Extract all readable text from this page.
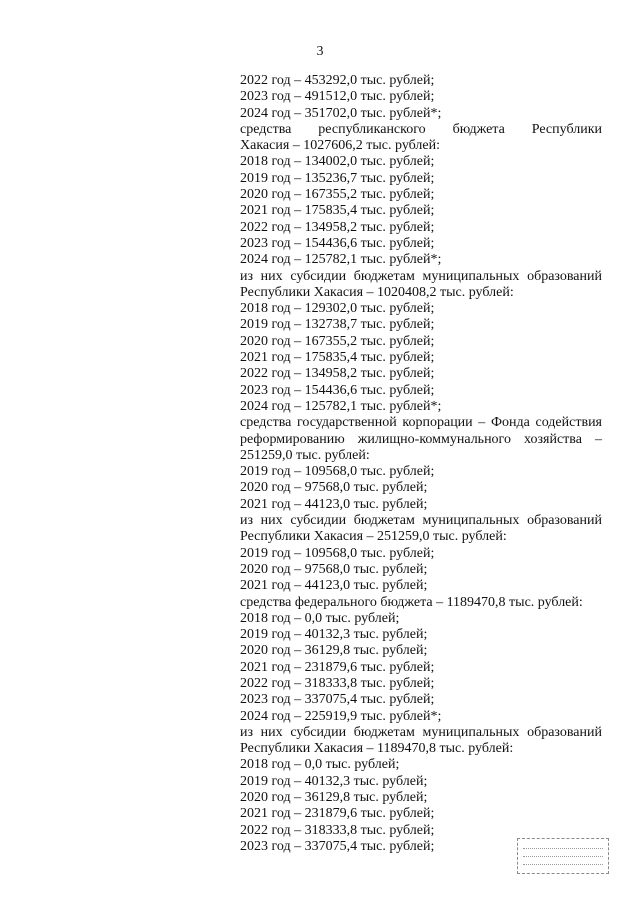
3
2022 год – 453292,0 тыс. рублей;
2023 год – 491512,0 тыс. рублей;
2024 год – 351702,0 тыс. рублей*;
средства республиканского бюджета Республики
Хакасия – 1027606,2 тыс. рублей:
2018 год – 134002,0 тыс. рублей;
2019 год – 135236,7 тыс. рублей;
2020 год – 167355,2 тыс. рублей;
2021 год – 175835,4 тыс. рублей;
2022 год – 134958,2 тыс. рублей;
2023 год – 154436,6 тыс. рублей;
2024 год – 125782,1 тыс. рублей*;
из них субсидии бюджетам муниципальных образований
Республики Хакасия – 1020408,2 тыс. рублей:
2018 год – 129302,0 тыс. рублей;
2019 год – 132738,7 тыс. рублей;
2020 год – 167355,2 тыс. рублей;
2021 год – 175835,4 тыс. рублей;
2022 год – 134958,2 тыс. рублей;
2023 год – 154436,6 тыс. рублей;
2024 год – 125782,1 тыс. рублей*;
средства государственной корпорации – Фонда содействия
реформированию жилищно-коммунального хозяйства –
251259,0 тыс. рублей:
2019 год – 109568,0 тыс. рублей;
2020 год – 97568,0 тыс. рублей;
2021 год – 44123,0 тыс. рублей;
из них субсидии бюджетам муниципальных образований
Республики Хакасия – 251259,0 тыс. рублей:
2019 год – 109568,0 тыс. рублей;
2020 год – 97568,0 тыс. рублей;
2021 год – 44123,0 тыс. рублей;
средства федерального бюджета – 1189470,8 тыс. рублей:
2018 год – 0,0 тыс. рублей;
2019 год – 40132,3 тыс. рублей;
2020 год – 36129,8 тыс. рублей;
2021 год – 231879,6 тыс. рублей;
2022 год – 318333,8 тыс. рублей;
2023 год – 337075,4 тыс. рублей;
2024 год – 225919,9 тыс. рублей*;
из них субсидии бюджетам муниципальных образований
Республики Хакасия – 1189470,8 тыс. рублей:
2018 год – 0,0 тыс. рублей;
2019 год – 40132,3 тыс. рублей;
2020 год – 36129,8 тыс. рублей;
2021 год – 231879,6 тыс. рублей;
2022 год – 318333,8 тыс. рублей;
2023 год – 337075,4 тыс. рублей;
